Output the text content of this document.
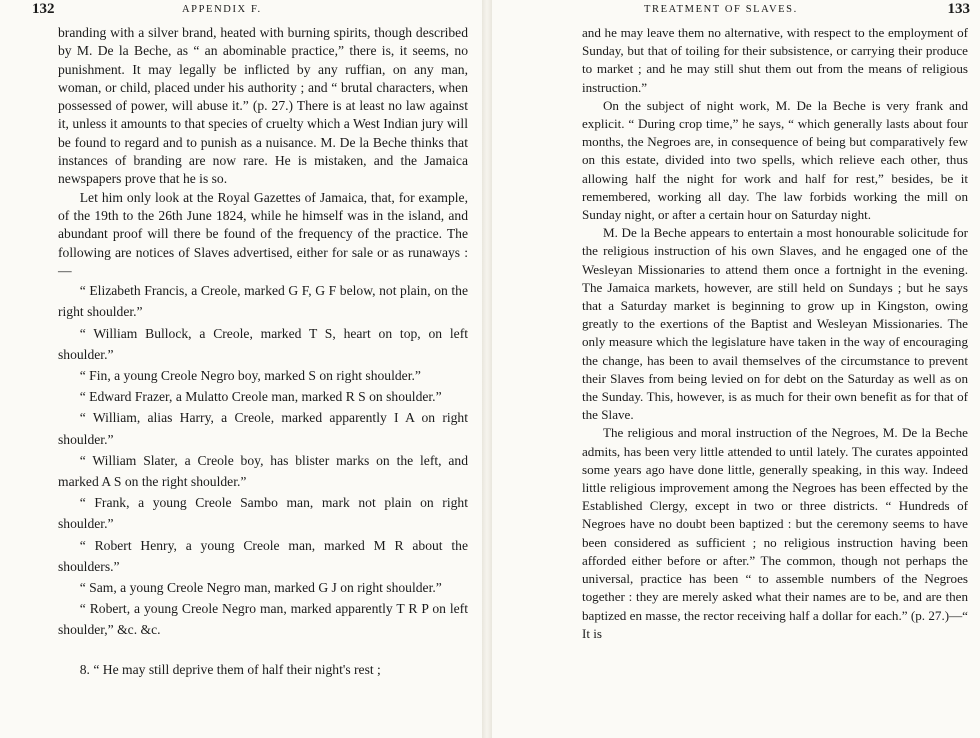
132	APPENDIX F.

branding with a silver brand, heated with burning spirits, though described by M. De la Beche, as “ an abominable practice,” there is, it seems, no punishment. It may legally be inflicted by any ruffian, on any man, woman, or child, placed under his authority ; and “ brutal characters, when possessed of power, will abuse it.” (p. 27.) There is at least no law against it, unless it amounts to that species of cruelty which a West Indian jury will be found to regard and to punish as a nuisance. M. De la Beche thinks that instances of branding are now rare. He is mistaken, and the Jamaica newspapers prove that he is so.

Let him only look at the Royal Gazettes of Jamaica, that, for example, of the 19th to the 26th June 1824, while he himself was in the island, and abundant proof will there be found of the frequency of the practice. The following are notices of Slaves advertised, either for sale or as runaways :—

“ Elizabeth Francis, a Creole, marked G F, G F below, not plain, on the right shoulder.”

“ William Bullock, a Creole, marked T S, heart on top, on left shoulder.”

“ Fin, a young Creole Negro boy, marked S on right shoulder.”

“ Edward Frazer, a Mulatto Creole man, marked R S on shoulder.”

“ William, alias Harry, a Creole, marked apparently I A on right shoulder.”

“ William Slater, a Creole boy, has blister marks on the left, and marked A S on the right shoulder.”

“ Frank, a young Creole Sambo man, mark not plain on right shoulder.”

“ Robert Henry, a young Creole man, marked M R about the shoulders.”

“ Sam, a young Creole Negro man, marked G J on right shoulder.”

“ Robert, a young Creole Negro man, marked apparently T R P on left shoulder,” &c. &c.

8. “ He may still deprive them of half their night's rest ;

TREATMENT OF SLAVES.	133

and he may leave them no alternative, with respect to the employment of Sunday, but that of toiling for their subsistence, or carrying their produce to market ; and he may still shut them out from the means of religious instruction.”

On the subject of night work, M. De la Beche is very frank and explicit. “ During crop time,” he says, “ which generally lasts about four months, the Negroes are, in consequence of being but comparatively few on this estate, divided into two spells, which relieve each other, thus allowing half the night for work and half for rest,” besides, be it remembered, working all day. The law forbids working the mill on Sunday night, or after a certain hour on Saturday night.

M. De la Beche appears to entertain a most honourable solicitude for the religious instruction of his own Slaves, and he engaged one of the Wesleyan Missionaries to attend them once a fortnight in the evening. The Jamaica markets, however, are still held on Sundays ; but he says that a Saturday market is beginning to grow up in Kingston, owing greatly to the exertions of the Baptist and Wesleyan Missionaries. The only measure which the legislature have taken in the way of encouraging the change, has been to avail themselves of the circumstance to prevent their Slaves from being levied on for debt on the Saturday as well as on the Sunday. This, however, is as much for their own benefit as for that of the Slave.

The religious and moral instruction of the Negroes, M. De la Beche admits, has been very little attended to until lately. The curates appointed some years ago have done little, generally speaking, in this way. Indeed little religious improvement among the Negroes has been effected by the Established Clergy, except in two or three districts. “ Hundreds of Negroes have no doubt been baptized : but the ceremony seems to have been considered as sufficient ; no religious instruction having been afforded either before or after.” The common, though not perhaps the universal, practice has been “ to assemble numbers of the Negroes together : they are merely asked what their names are to be, and are then baptized en masse, the rector receiving half a dollar for each.” (p. 27.)—“ It is
